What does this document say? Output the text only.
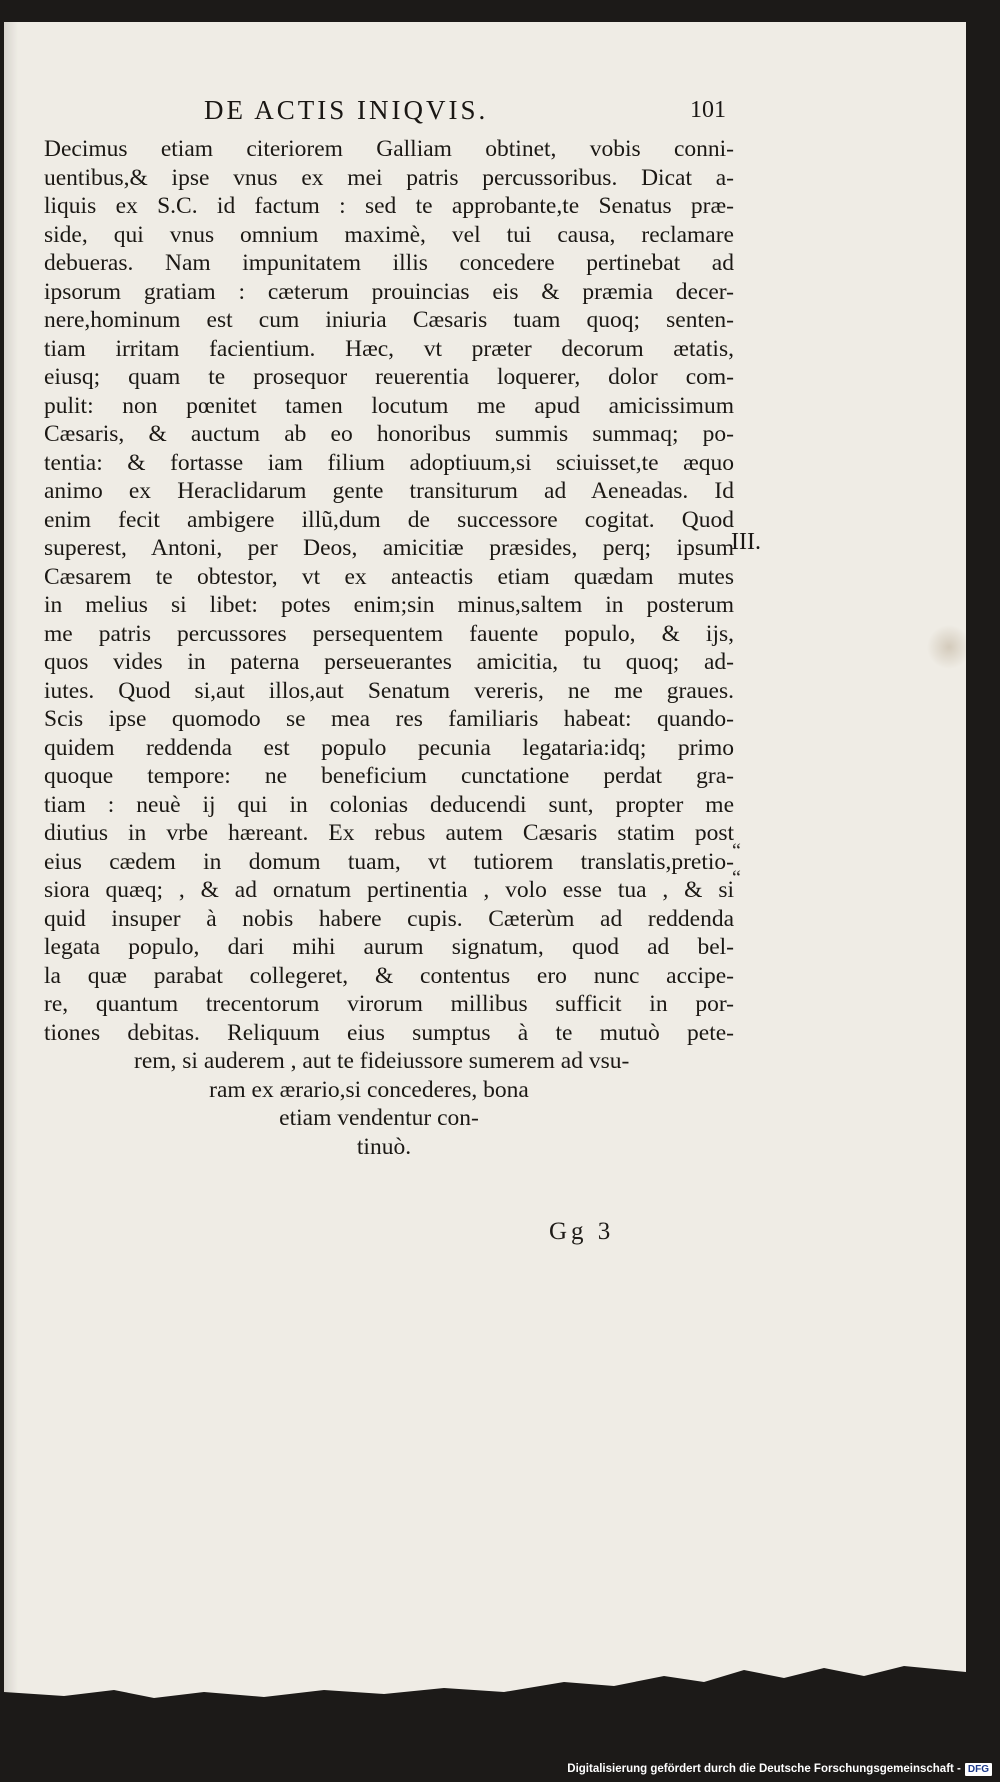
DE ACTIS INIQVIS.	101
Decimus etiam citeriorem Galliam obtinet, vobis conni-
uentibus,& ipse vnus ex mei patris percussoribus. Dicat a-
liquis ex S.C. id factum : sed te approbante,te Senatus præ-
side, qui vnus omnium maximè, vel tui causa, reclamare
debueras. Nam impunitatem illis concedere pertinebat ad
ipsorum gratiam : cæterum prouincias eis & præmia decer-
nere,hominum est cum iniuria Cæsaris tuam quoq; senten-
tiam irritam facientium. Hæc, vt præter decorum ætatis,
eiusq; quam te prosequor reuerentia loquerer, dolor com-
pulit: non pœnitet tamen locutum me apud amicissimum
Cæsaris, & auctum ab eo honoribus summis summaq; po-
tentia: & fortasse iam filium adoptiuum,si sciuisset,te æquo
animo ex Heraclidarum gente transiturum ad Aeneadas. Id
enim fecit ambigere illũ,dum de successore cogitat. Quod
superest, Antoni, per Deos, amicitiæ præsides, perq; ipsum
Cæsarem te obtestor, vt ex anteactis etiam quædam mutes
in melius si libet: potes enim;sin minus,saltem in posterum
me patris percussores persequentem fauente populo, & ijs,
quos vides in paterna perseuerantes amicitia, tu quoq; ad-
iutes. Quod si,aut illos,aut Senatum vereris, ne me graues.
Scis ipse quomodo se mea res familiaris habeat: quando-
quidem reddenda est populo pecunia legataria:idq; primo
quoque tempore: ne beneficium cunctatione perdat gra-
tiam : neuè ij qui in colonias deducendi sunt, propter me
diutius in vrbe hæreant. Ex rebus autem Cæsaris statim post
eius cædem in domum tuam, vt tutiorem translatis,pretio-
siora quæq; , & ad ornatum pertinentia , volo esse tua , & si
quid insuper à nobis habere cupis. Cæterùm ad reddenda
legata populo, dari mihi aurum signatum, quod ad bel-
la quæ parabat collegeret, & contentus ero nunc accipe-
re, quantum trecentorum virorum millibus sufficit in por-
tiones debitas. Reliquum eius sumptus à te mutuò pete-
rem, si auderem , aut te fideiussore sumerem ad vsu-
ram ex ærario,si concederes, bona
etiam vendentur con-
tinuò.
III.
“
“
Gg 3
Digitalisierung gefördert durch die Deutsche Forschungsgemeinschaft - DFG
